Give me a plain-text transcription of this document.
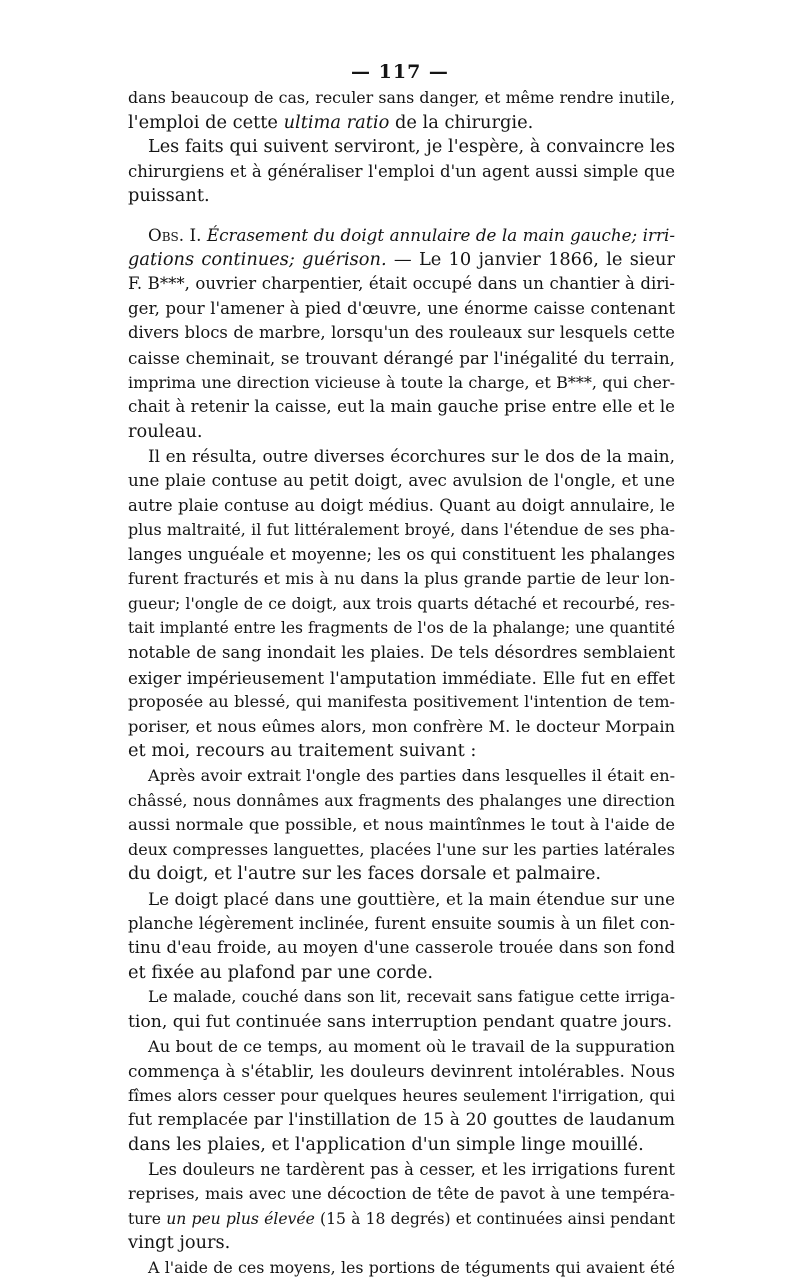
— 117 —
dans beaucoup de cas, reculer sans danger, et même rendre inutile,
l'emploi de cette ultima ratio de la chirurgie.
Les faits qui suivent serviront, je l'espère, à convaincre les
chirurgiens et à généraliser l'emploi d'un agent aussi simple que
puissant.
Obs. I. Écrasement du doigt annulaire de la main gauche; irri-
gations continues; guérison. — Le 10 janvier 1866, le sieur
F. B***, ouvrier charpentier, était occupé dans un chantier à diri-
ger, pour l'amener à pied d'œuvre, une énorme caisse contenant
divers blocs de marbre, lorsqu'un des rouleaux sur lesquels cette
caisse cheminait, se trouvant dérangé par l'inégalité du terrain,
imprima une direction vicieuse à toute la charge, et B***, qui cher-
chait à retenir la caisse, eut la main gauche prise entre elle et le
rouleau.
Il en résulta, outre diverses écorchures sur le dos de la main,
une plaie contuse au petit doigt, avec avulsion de l'ongle, et une
autre plaie contuse au doigt médius. Quant au doigt annulaire, le
plus maltraité, il fut littéralement broyé, dans l'étendue de ses pha-
langes unguéale et moyenne; les os qui constituent les phalanges
furent fracturés et mis à nu dans la plus grande partie de leur lon-
gueur; l'ongle de ce doigt, aux trois quarts détaché et recourbé, res-
tait implanté entre les fragments de l'os de la phalange; une quantité
notable de sang inondait les plaies. De tels désordres semblaient
exiger impérieusement l'amputation immédiate. Elle fut en effet
proposée au blessé, qui manifesta positivement l'intention de tem-
poriser, et nous eûmes alors, mon confrère M. le docteur Morpain
et moi, recours au traitement suivant :
Après avoir extrait l'ongle des parties dans lesquelles il était en-
châssé, nous donnâmes aux fragments des phalanges une direction
aussi normale que possible, et nous maintînmes le tout à l'aide de
deux compresses languettes, placées l'une sur les parties latérales
du doigt, et l'autre sur les faces dorsale et palmaire.
Le doigt placé dans une gouttière, et la main étendue sur une
planche légèrement inclinée, furent ensuite soumis à un filet con-
tinu d'eau froide, au moyen d'une casserole trouée dans son fond
et fixée au plafond par une corde.
Le malade, couché dans son lit, recevait sans fatigue cette irriga-
tion, qui fut continuée sans interruption pendant quatre jours.
Au bout de ce temps, au moment où le travail de la suppuration
commença à s'établir, les douleurs devinrent intolérables. Nous
fîmes alors cesser pour quelques heures seulement l'irrigation, qui
fut remplacée par l'instillation de 15 à 20 gouttes de laudanum
dans les plaies, et l'application d'un simple linge mouillé.
Les douleurs ne tardèrent pas à cesser, et les irrigations furent
reprises, mais avec une décoction de tête de pavot à une tempéra-
ture un peu plus élevée (15 à 18 degrés) et continuées ainsi pendant
vingt jours.
A l'aide de ces moyens, les portions de téguments qui avaient été
